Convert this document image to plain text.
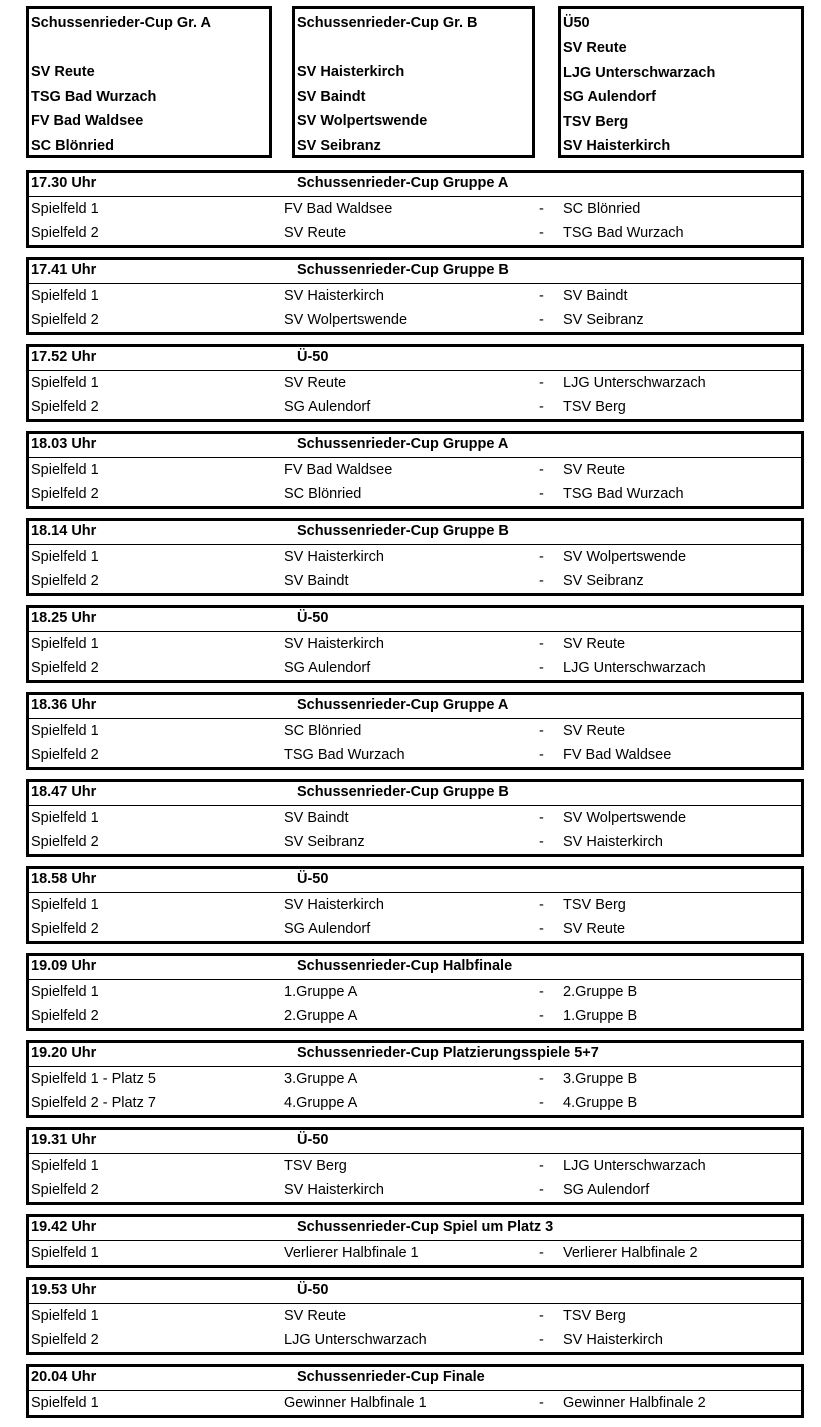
Schussenrieder-Cup Gr. A
SV Reute
TSG Bad Wurzach
FV Bad Waldsee
SC Blönried
Schussenrieder-Cup Gr. B
SV Haisterkirch
SV Baindt
SV Wolpertswende
SV Seibranz
Ü50
SV Reute
LJG Unterschwarzach
SG Aulendorf
TSV Berg
SV Haisterkirch
17.30 Uhr	Schussenrieder-Cup Gruppe A
Spielfeld 1	FV Bad Waldsee	- SC Blönried
Spielfeld 2	SV Reute	- TSG Bad Wurzach
17.41 Uhr	Schussenrieder-Cup Gruppe B
Spielfeld 1	SV Haisterkirch	- SV Baindt
Spielfeld 2	SV Wolpertswende	- SV Seibranz
17.52 Uhr	Ü-50
Spielfeld 1	SV Reute	- LJG Unterschwarzach
Spielfeld 2	SG Aulendorf	- TSV Berg
18.03 Uhr	Schussenrieder-Cup Gruppe A
Spielfeld 1	FV Bad Waldsee	- SV Reute
Spielfeld 2	SC Blönried	- TSG Bad Wurzach
18.14 Uhr	Schussenrieder-Cup Gruppe B
Spielfeld 1	SV Haisterkirch	- SV Wolpertswende
Spielfeld 2	SV Baindt	- SV Seibranz
18.25 Uhr	Ü-50
Spielfeld 1	SV Haisterkirch	- SV Reute
Spielfeld 2	SG Aulendorf	- LJG Unterschwarzach
18.36 Uhr	Schussenrieder-Cup Gruppe A
Spielfeld 1	SC Blönried	- SV Reute
Spielfeld 2	TSG Bad Wurzach	- FV Bad Waldsee
18.47 Uhr	Schussenrieder-Cup Gruppe B
Spielfeld 1	SV Baindt	- SV Wolpertswende
Spielfeld 2	SV Seibranz	- SV Haisterkirch
18.58 Uhr	Ü-50
Spielfeld 1	SV Haisterkirch	- TSV Berg
Spielfeld 2	SG Aulendorf	- SV Reute
19.09 Uhr	Schussenrieder-Cup Halbfinale
Spielfeld 1	1.Gruppe A	- 2.Gruppe B
Spielfeld 2	2.Gruppe A	- 1.Gruppe B
19.20 Uhr	Schussenrieder-Cup Platzierungsspiele 5+7
Spielfeld 1 - Platz 5	3.Gruppe A	- 3.Gruppe B
Spielfeld 2 - Platz 7	4.Gruppe A	- 4.Gruppe B
19.31 Uhr	Ü-50
Spielfeld 1	TSV Berg	- LJG Unterschwarzach
Spielfeld 2	SV Haisterkirch	- SG Aulendorf
19.42 Uhr	Schussenrieder-Cup Spiel um Platz 3
Spielfeld 1	Verlierer Halbfinale 1	- Verlierer Halbfinale 2
19.53 Uhr	Ü-50
Spielfeld 1	SV Reute	- TSV Berg
Spielfeld 2	LJG Unterschwarzach	- SV Haisterkirch
20.04 Uhr	Schussenrieder-Cup Finale
Spielfeld 1	Gewinner Halbfinale 1	- Gewinner Halbfinale 2
